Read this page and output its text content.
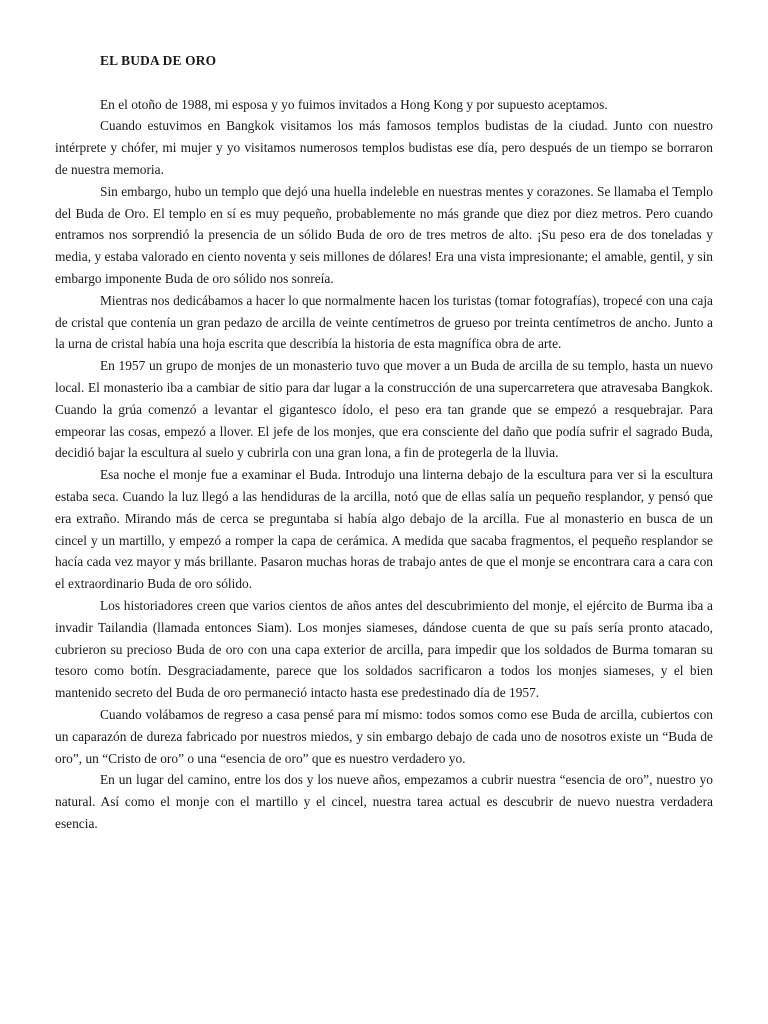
EL BUDA DE ORO

En el otoño de 1988, mi esposa y yo fuimos invitados a Hong Kong y por supuesto aceptamos.

Cuando estuvimos en Bangkok visitamos los más famosos templos budistas de la ciudad. Junto con nuestro intérprete y chófer, mi mujer y yo visitamos numerosos templos budistas ese día, pero después de un tiempo se borraron de nuestra memoria.

Sin embargo, hubo un templo que dejó una huella indeleble en nuestras mentes y corazones. Se llamaba el Templo del Buda de Oro. El templo en sí es muy pequeño, probablemente no más grande que diez por diez metros. Pero cuando entramos nos sorprendió la presencia de un sólido Buda de oro de tres metros de alto. ¡Su peso era de dos toneladas y media, y estaba valorado en ciento noventa y seis millones de dólares! Era una vista impresionante; el amable, gentil, y sin embargo imponente Buda de oro sólido nos sonreía.

Mientras nos dedicábamos a hacer lo que normalmente hacen los turistas (tomar fotografías), tropecé con una caja de cristal que contenía un gran pedazo de arcilla de veinte centímetros de grueso por treinta centímetros de ancho. Junto a la urna de cristal había una hoja escrita que describía la historia de esta magnífica obra de arte.

En 1957 un grupo de monjes de un monasterio tuvo que mover a un Buda de arcilla de su templo, hasta un nuevo local. El monasterio iba a cambiar de sitio para dar lugar a la construcción de una supercarretera que atravesaba Bangkok. Cuando la grúa comenzó a levantar el gigantesco ídolo, el peso era tan grande que se empezó a resquebrajar. Para empeorar las cosas, empezó a llover. El jefe de los monjes, que era consciente del daño que podía sufrir el sagrado Buda, decidió bajar la escultura al suelo y cubrirla con una gran lona, a fin de protegerla de la lluvia.

Esa noche el monje fue a examinar el Buda. Introdujo una linterna debajo de la escultura para ver si la escultura estaba seca. Cuando la luz llegó a las hendiduras de la arcilla, notó que de ellas salía un pequeño resplandor, y pensó que era extraño. Mirando más de cerca se preguntaba si había algo debajo de la arcilla. Fue al monasterio en busca de un cincel y un martillo, y empezó a romper la capa de cerámica. A medida que sacaba fragmentos, el pequeño resplandor se hacía cada vez mayor y más brillante. Pasaron muchas horas de trabajo antes de que el monje se encontrara cara a cara con el extraordinario Buda de oro sólido.

Los historiadores creen que varios cientos de años antes del descubrimiento del monje, el ejército de Burma iba a invadir Tailandia (llamada entonces Siam). Los monjes siameses, dándose cuenta de que su país sería pronto atacado, cubrieron su precioso Buda de oro con una capa exterior de arcilla, para impedir que los soldados de Burma tomaran su tesoro como botín. Desgraciadamente, parece que los soldados sacrificaron a todos los monjes siameses, y el bien mantenido secreto del Buda de oro permaneció intacto hasta ese predestinado día de 1957.

Cuando volábamos de regreso a casa pensé para mí mismo: todos somos como ese Buda de arcilla, cubiertos con un caparazón de dureza fabricado por nuestros miedos, y sin embargo debajo de cada uno de nosotros existe un “Buda de oro”, un “Cristo de oro” o una “esencia de oro” que es nuestro verdadero yo.

En un lugar del camino, entre los dos y los nueve años, empezamos a cubrir nuestra “esencia de oro”, nuestro yo natural. Así como el monje con el martillo y el cincel, nuestra tarea actual es descubrir de nuevo nuestra verdadera esencia.
